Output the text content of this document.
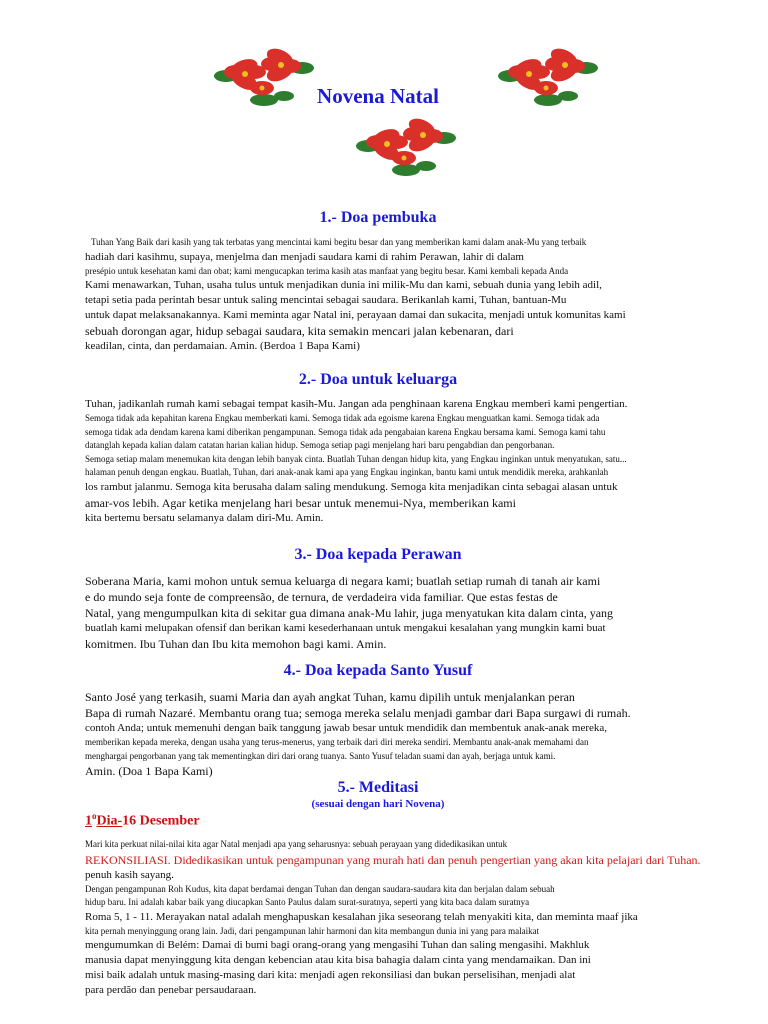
Novena Natal
1.- Doa pembuka

Tuhan Yang Baik dari kasih yang tak terbatas yang mencintai kami begitu besar dan yang memberikan kami dalam anak-Mu yang terbaik

hadiah dari kasihmu, supaya, menjelma dan menjadi saudara kami di rahim Perawan, lahir di dalam

presépio untuk kesehatan kami dan obat; kami mengucapkan terima kasih atas manfaat yang begitu besar. Kami kembali kepada Anda

Kami menawarkan, Tuhan, usaha tulus untuk menjadikan dunia ini milik-Mu dan kami, sebuah dunia yang lebih adil,

tetapi setia pada perintah besar untuk saling mencintai sebagai saudara. Berikanlah kami, Tuhan, bantuan-Mu

untuk dapat melaksanakannya. Kami meminta agar Natal ini, perayaan damai dan sukacita, menjadi untuk komunitas kami

sebuah dorongan agar, hidup sebagai saudara, kita semakin mencari jalan kebenaran, dari

keadilan, cinta, dan perdamaian. Amin. (Berdoa 1 Bapa Kami)

2.- Doa untuk keluarga

Tuhan, jadikanlah rumah kami sebagai tempat kasih-Mu. Jangan ada penghinaan karena Engkau memberi kami pengertian.

Semoga tidak ada kepahitan karena Engkau memberkati kami. Semoga tidak ada egoisme karena Engkau menguatkan kami. Semoga tidak ada

semoga tidak ada dendam karena kami diberikan pengampunan. Semoga tidak ada pengabaian karena Engkau bersama kami. Semoga kami tahu

datanglah kepada kalian dalam catatan harian kalian hidup. Semoga setiap pagi menjelang hari baru pengabdian dan pengorbanan.

Semoga setiap malam menemukan kita dengan lebih banyak cinta. Buatlah Tuhan dengan hidup kita, yang Engkau inginkan untuk menyatukan, satu...

halaman penuh dengan engkau. Buatlah, Tuhan, dari anak-anak kami apa yang Engkau inginkan, bantu kami untuk mendidik mereka, arahkanlah

los rambut jalanmu. Semoga kita berusaha dalam saling mendukung. Semoga kita menjadikan cinta sebagai alasan untuk

amar-vos lebih. Agar ketika menjelang hari besar untuk menemui-Nya, memberikan kami

kita bertemu bersatu selamanya dalam diri-Mu. Amin.

3.- Doa kepada Perawan

Soberana Maria, kami mohon untuk semua keluarga di negara kami; buatlah setiap rumah di tanah air kami

e do mundo seja fonte de compreensão, de ternura, de verdadeira vida familiar. Que estas festas de

Natal, yang mengumpulkan kita di sekitar gua dimana anak-Mu lahir, juga menyatukan kita dalam cinta, yang

buatlah kami melupakan ofensif dan berikan kami kesederhanaan untuk mengakui kesalahan yang mungkin kami buat

komitmen. Ibu Tuhan dan Ibu kita memohon bagi kami. Amin.

4.- Doa kepada Santo Yusuf

Santo José yang terkasih, suami Maria dan ayah angkat Tuhan, kamu dipilih untuk menjalankan peran

Bapa di rumah Nazaré. Membantu orang tua; semoga mereka selalu menjadi gambar dari Bapa surgawi di rumah.

contoh Anda; untuk memenuhi dengan baik tanggung jawab besar untuk mendidik dan membentuk anak-anak mereka,

memberikan kepada mereka, dengan usaha yang terus-menerus, yang terbaik dari diri mereka sendiri. Membantu anak-anak memahami dan

menghargai pengorbanan yang tak mementingkan diri dari orang tuanya. Santo Yusuf teladan suami dan ayah, berjaga untuk kami.

Amin. (Doa 1 Bapa Kami)

5.- Meditasi
(sesuai dengan hari Novena)
1$^o$Dia-16 Desember

Mari kita perkuat nilai-nilai kita agar Natal menjadi apa yang seharusnya: sebuah perayaan yang didedikasikan untuk

REKONSILIASI. Didedikasikan untuk pengampunan yang murah hati dan penuh pengertian yang akan kita pelajari dari Tuhan.

penuh kasih sayang.

Dengan pengampunan Roh Kudus, kita dapat berdamai dengan Tuhan dan dengan saudara-saudara kita dan berjalan dalam sebuah

hidup baru. Ini adalah kabar baik yang diucapkan Santo Paulus dalam surat-suratnya, seperti yang kita baca dalam suratnya

Roma 5, 1 - 11. Merayakan natal adalah menghapuskan kesalahan jika seseorang telah menyakiti kita, dan meminta maaf jika

kita pernah menyinggung orang lain. Jadi, dari pengampunan lahir harmoni dan kita membangun dunia ini yang para malaikat

mengumumkan di Belém: Damai di bumi bagi orang-orang yang mengasihi Tuhan dan saling mengasihi. Makhluk

manusia dapat menyinggung kita dengan kebencian atau kita bisa bahagia dalam cinta yang mendamaikan. Dan ini

misi baik adalah untuk masing-masing dari kita: menjadi agen rekonsiliasi dan bukan perselisihan, menjadi alat

para perdão dan penebar persaudaraan.
